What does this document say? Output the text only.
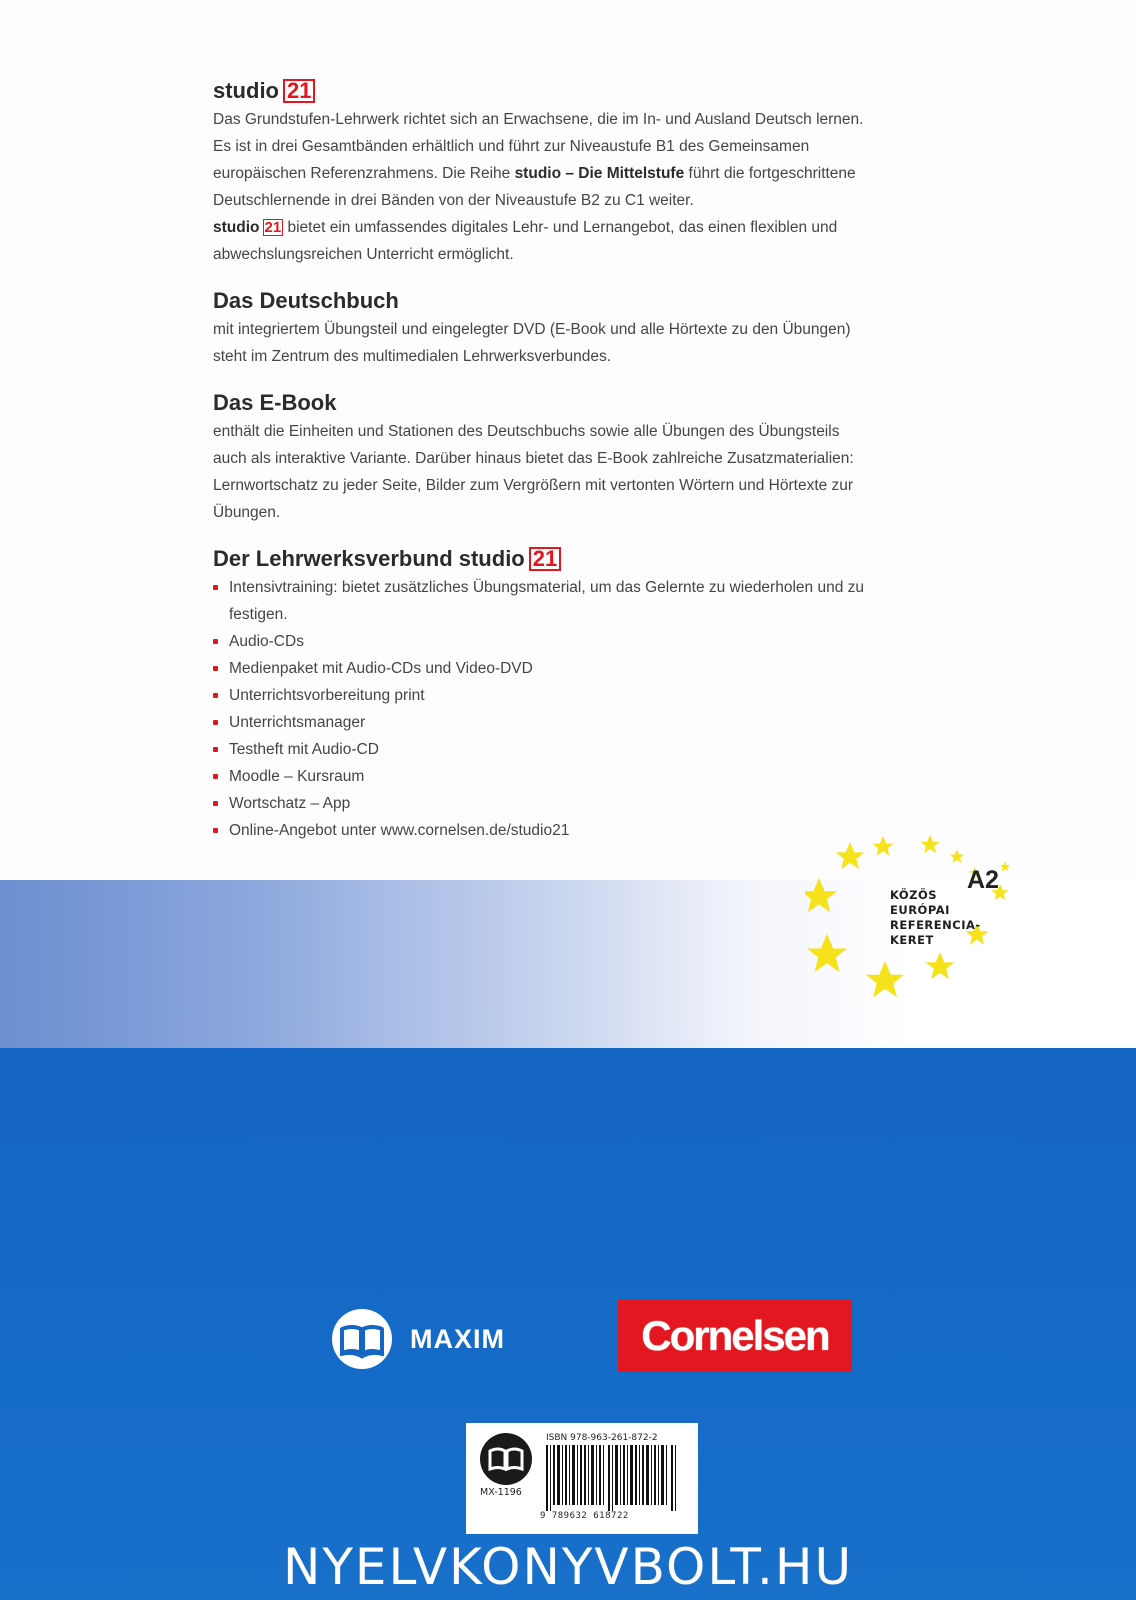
studio 21

Das Grundstufen-Lehrwerk richtet sich an Erwachsene, die im In- und Ausland Deutsch lernen.

Es ist in drei Gesamtbänden erhältlich und führt zur Niveaustufe B1 des Gemeinsamen

europäischen Referenzrahmens. Die Reihe studio – Die Mittelstufe führt die fortgeschrittene

Deutschlernende in drei Bänden von der Niveaustufe B2 zu C1 weiter.

studio 21 bietet ein umfassendes digitales Lehr- und Lernangebot, das einen flexiblen und

abwechslungsreichen Unterricht ermöglicht.

Das Deutschbuch

mit integriertem Übungsteil und eingelegter DVD (E-Book und alle Hörtexte zu den Übungen)

steht im Zentrum des multimedialen Lehrwerksverbundes.

Das E-Book

enthält die Einheiten und Stationen des Deutschbuchs sowie alle Übungen des Übungsteils

auch als interaktive Variante. Darüber hinaus bietet das E-Book zahlreiche Zusatzmaterialien:

Lernwortschatz zu jeder Seite, Bilder zum Vergrößern mit vertonten Wörtern und Hörtexte zur

Übungen.

Der Lehrwerksverbund studio 21
Intensivtraining: bietet zusätzliches Übungsmaterial, um das Gelernte zu wiederholen und zu
festigen.
Audio-CDs
Medienpaket mit Audio-CDs und Video-DVD
Unterrichtsvorbereitung print
Unterrichtsmanager
Testheft mit Audio-CD
Moodle – Kursraum
Wortschatz – App
Online-Angebot unter www.cornelsen.de/studio21
A2
KÖZÖS
EURÓPAI
REFERENCIA-
KERET
MAXIM	Cornelsen
ISBN 978-963-261-872-2
MX-1196
9 789632 618722
NYELVKONYVBOLT.HU
